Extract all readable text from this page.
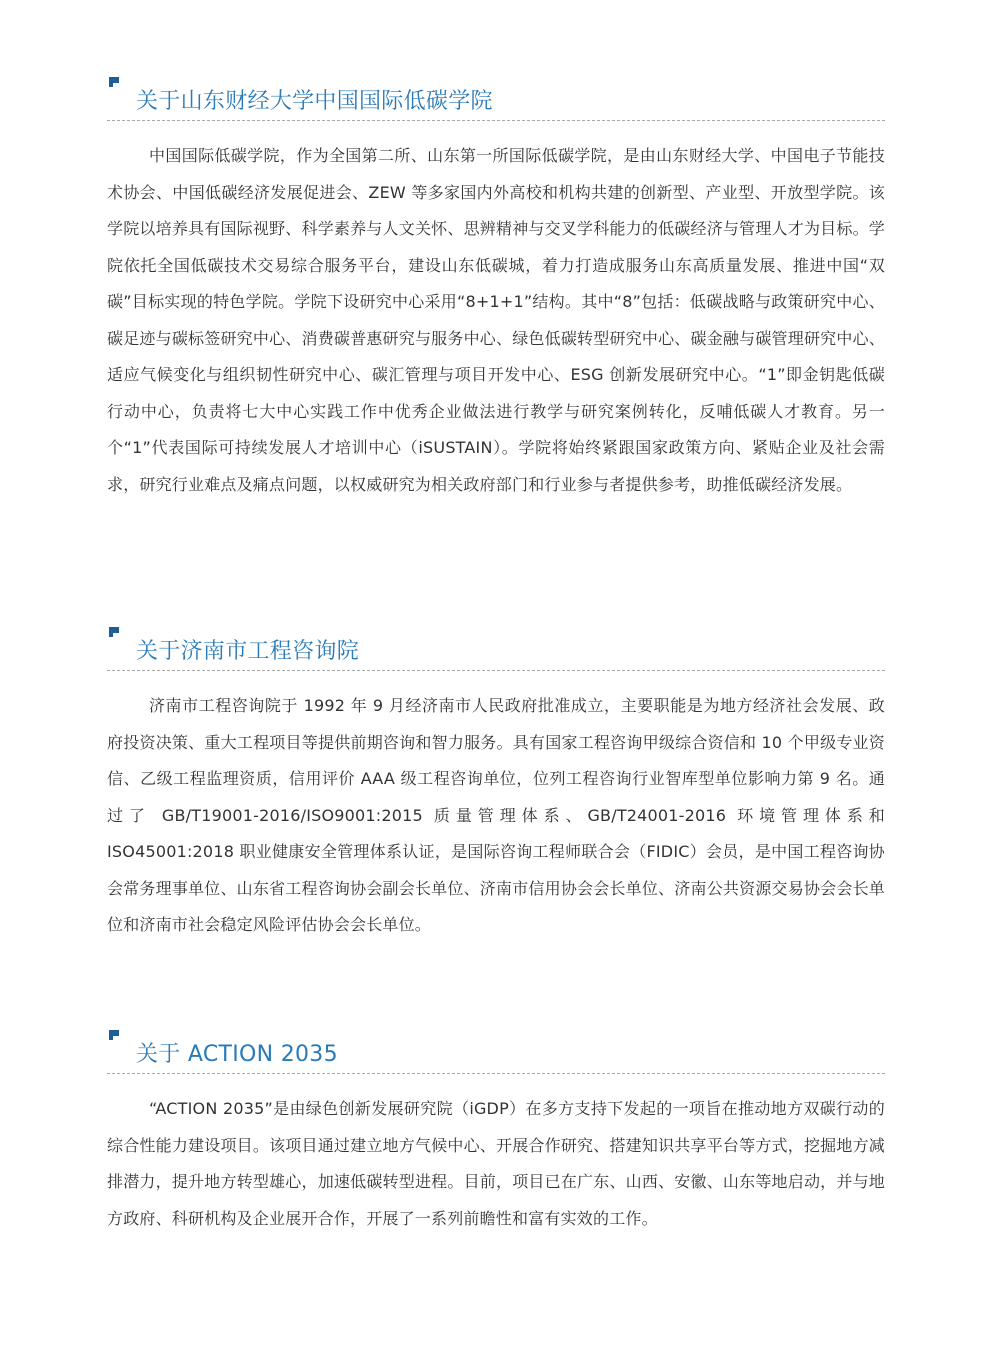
关于山东财经大学中国国际低碳学院

中国国际低碳学院，作为全国第二所、山东第一所国际低碳学院，是由山东财经大学、中国电子节能技术协会、中国低碳经济发展促进会、ZEW 等多家国内外高校和机构共建的创新型、产业型、开放型学院。该学院以培养具有国际视野、科学素养与人文关怀、思辨精神与交叉学科能力的低碳经济与管理人才为目标。学院依托全国低碳技术交易综合服务平台，建设山东低碳城，着力打造成服务山东高质量发展、推进中国“双碳”目标实现的特色学院。学院下设研究中心采用“8+1+1”结构。其中“8”包括：低碳战略与政策研究中心、碳足迹与碳标签研究中心、消费碳普惠研究与服务中心、绿色低碳转型研究中心、碳金融与碳管理研究中心、适应气候变化与组织韧性研究中心、碳汇管理与项目开发中心、ESG 创新发展研究中心。“1”即金钥匙低碳行动中心，负责将七大中心实践工作中优秀企业做法进行教学与研究案例转化，反哺低碳人才教育。另一个“1”代表国际可持续发展人才培训中心（iSUSTAIN）。学院将始终紧跟国家政策方向、紧贴企业及社会需求，研究行业难点及痛点问题，以权威研究为相关政府部门和行业参与者提供参考，助推低碳经济发展。

关于济南市工程咨询院

济南市工程咨询院于 1992 年 9 月经济南市人民政府批准成立，主要职能是为地方经济社会发展、政府投资决策、重大工程项目等提供前期咨询和智力服务。具有国家工程咨询甲级综合资信和 10 个甲级专业资信、乙级工程监理资质，信用评价 AAA 级工程咨询单位，位列工程咨询行业智库型单位影响力第 9 名。通过了 GB/T19001-2016/ISO9001:2015 质量管理体系、GB/T24001-2016 环境管理体系和 ISO45001:2018 职业健康安全管理体系认证，是国际咨询工程师联合会（FIDIC）会员，是中国工程咨询协会常务理事单位、山东省工程咨询协会副会长单位、济南市信用协会会长单位、济南公共资源交易协会会长单位和济南市社会稳定风险评估协会会长单位。

关于 ACTION 2035

“ACTION 2035”是由绿色创新发展研究院（iGDP）在多方支持下发起的一项旨在推动地方双碳行动的综合性能力建设项目。该项目通过建立地方气候中心、开展合作研究、搭建知识共享平台等方式，挖掘地方减排潜力，提升地方转型雄心，加速低碳转型进程。目前，项目已在广东、山西、安徽、山东等地启动，并与地方政府、科研机构及企业展开合作，开展了一系列前瞻性和富有实效的工作。
